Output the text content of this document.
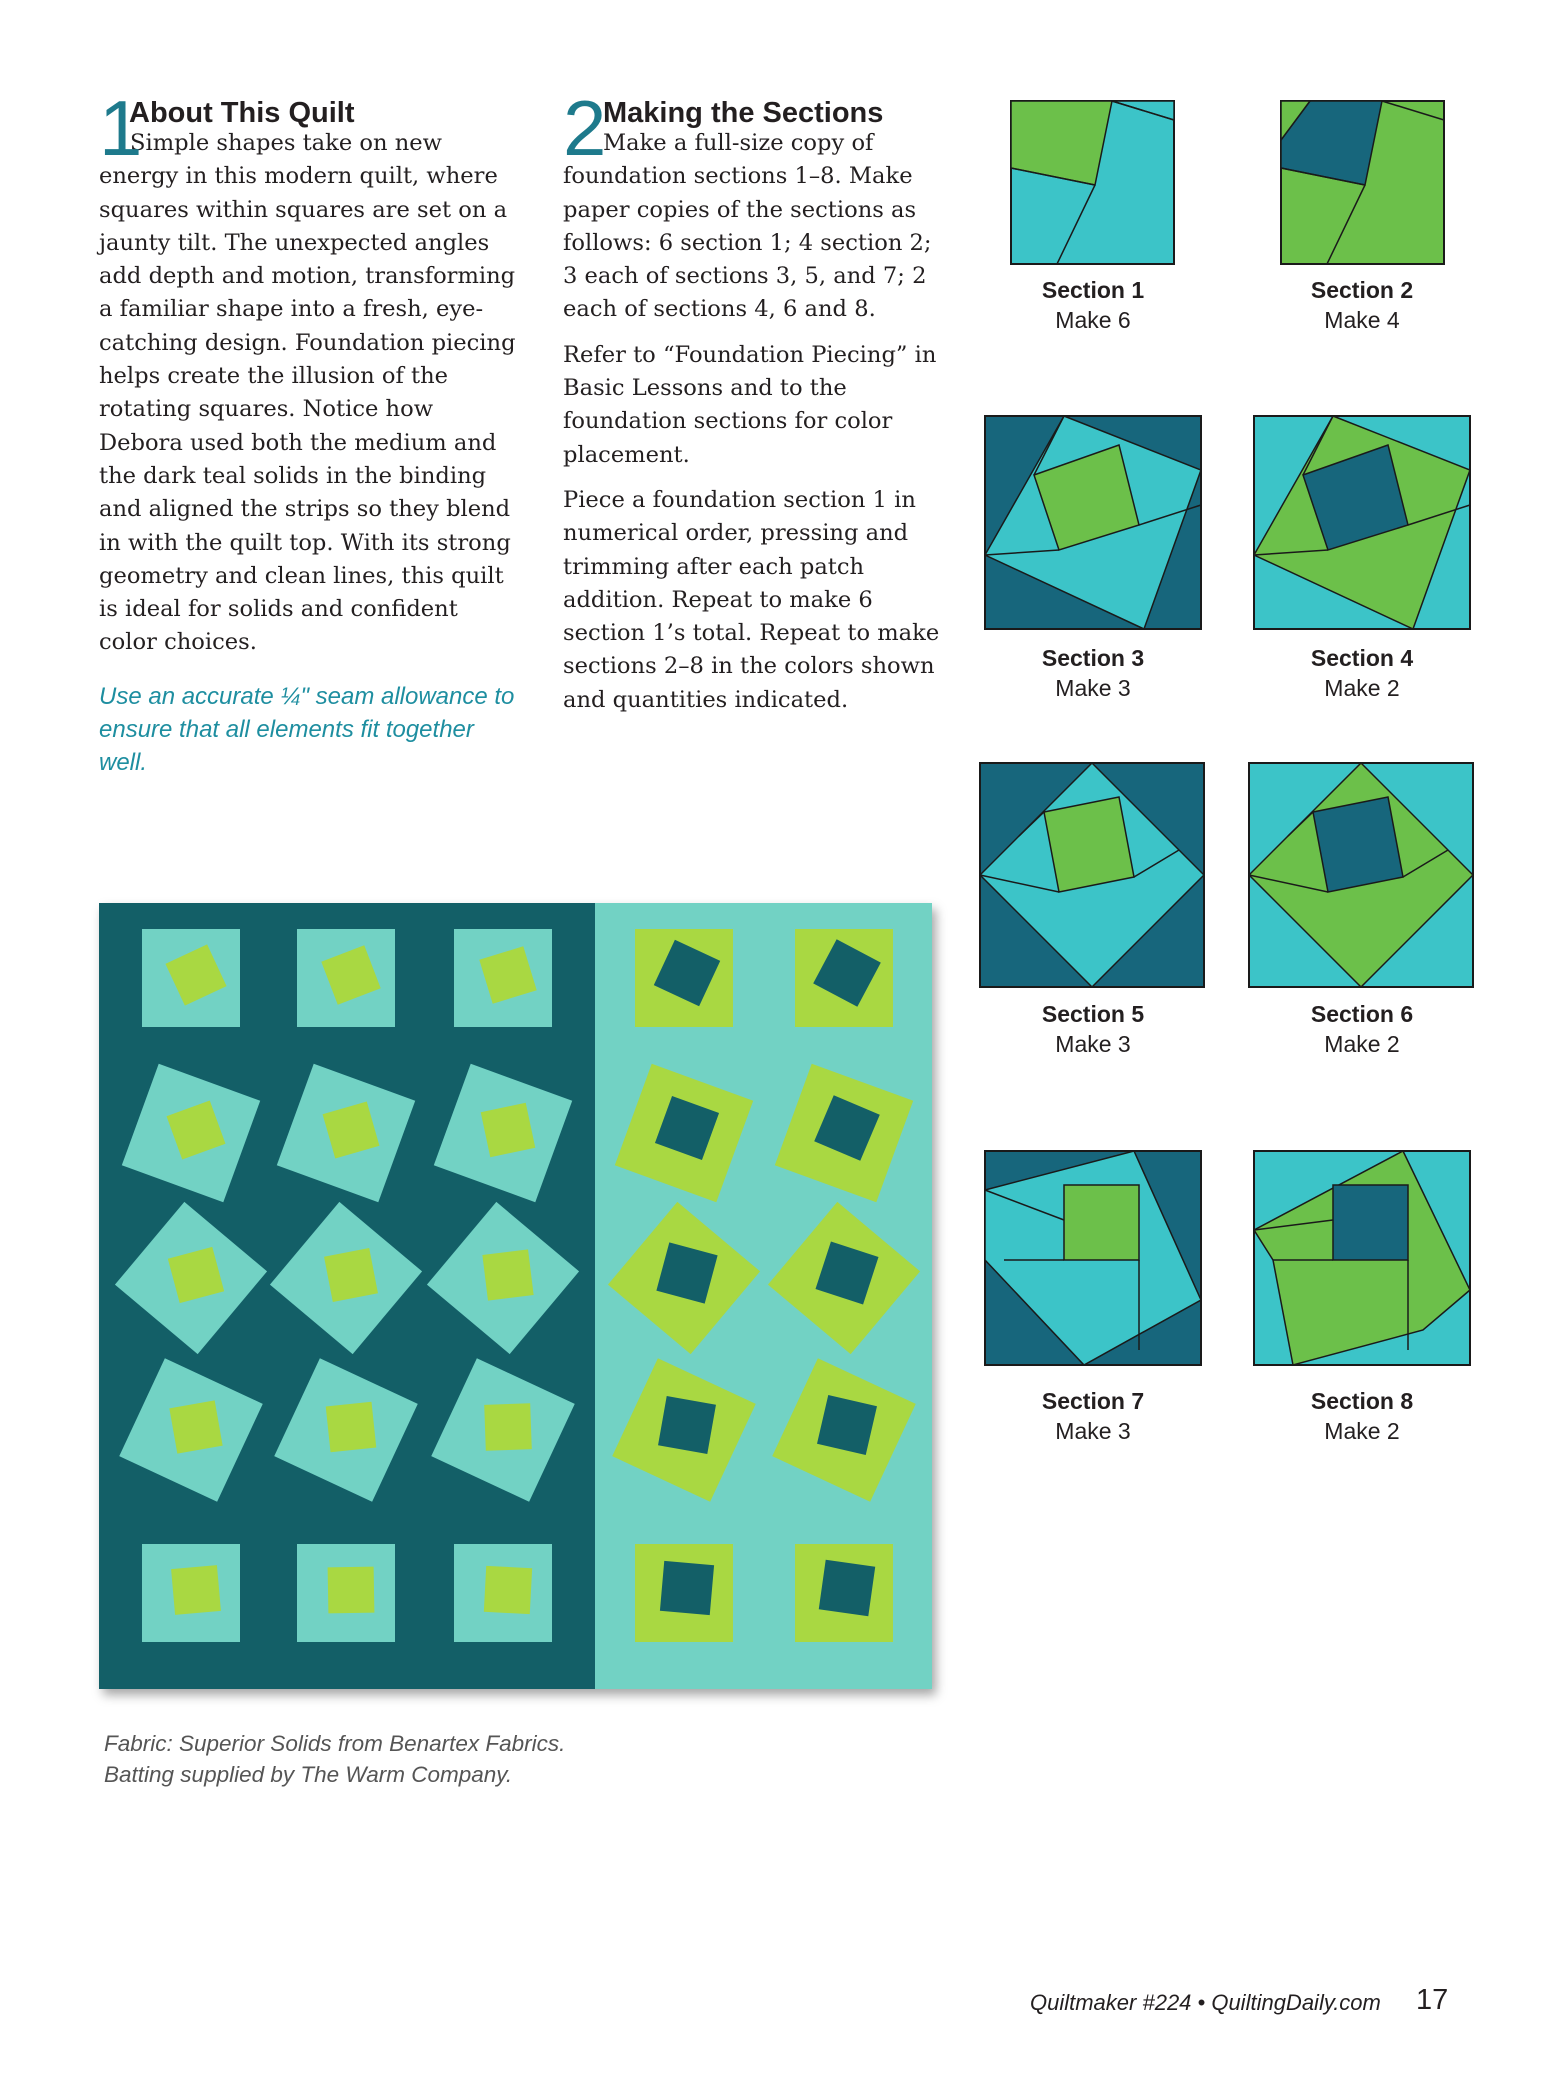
1
About This Quilt

Simple shapes take on new energy in this modern quilt, where squares within squares are set on a jaunty tilt. The unexpected angles add depth and motion, transforming a familiar shape into a fresh, eye-catching design. Foundation piecing helps create the illusion of the rotating squares. Notice how Debora used both the medium and the dark teal solids in the binding and aligned the strips so they blend in with the quilt top. With its strong geometry and clean lines, this quilt is ideal for solids and confident color choices.

Use an accurate ¼" seam allowance to ensure that all elements fit together well.

2
Making the Sections

Make a full-size copy of foundation sections 1–8. Make paper copies of the sections as follows: 6 section 1; 4 section 2; 3 each of sections 3, 5, and 7; 2 each of sections 4, 6 and 8.

Refer to “Foundation Piecing” in Basic Lessons and to the foundation sections for color placement.

Piece a foundation section 1 in numerical order, pressing and trimming after each patch addition. Repeat to make 6 section 1’s total. Repeat to make sections 2–8 in the colors shown and quantities indicated.

Section 1
Make 6
Section 2
Make 4
Section 3
Make 3
Section 4
Make 2
Section 5
Make 3
Section 6
Make 2
Section 7
Make 3
Section 8
Make 2
Fabric: Superior Solids from Benartex Fabrics.
Batting supplied by The Warm Company.
Quiltmaker #224 • QuiltingDaily.com 17
